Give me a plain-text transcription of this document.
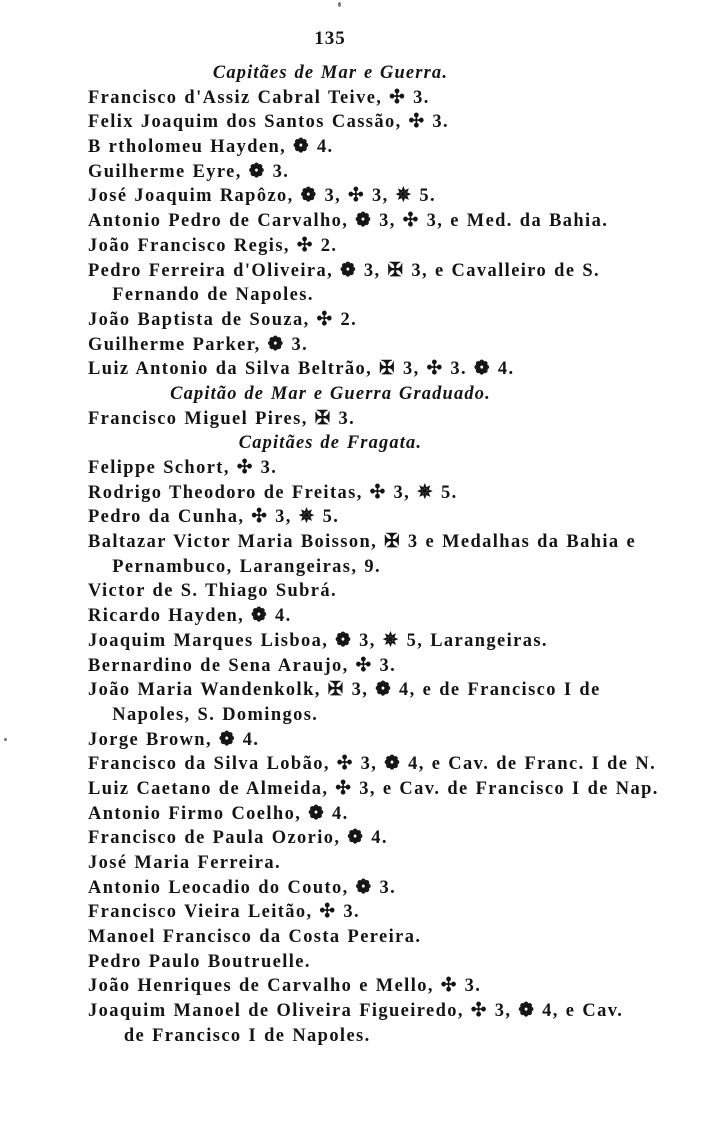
135
Capitães de Mar e Guerra.
Francisco d'Assiz Cabral Teive, ✣ 3.
Felix Joaquim dos Santos Cassão, ✣ 3.
B rtholomeu Hayden, ❁ 4.
Guilherme Eyre, ❁ 3.
José Joaquim Rapôzo, ❁ 3, ✣ 3, ✵ 5.
Antonio Pedro de Carvalho, ❁ 3, ✣ 3, e Med. da Bahia.
João Francisco Regis, ✣ 2.
Pedro Ferreira d'Oliveira, ❁ 3, ✠ 3, e Cavalleiro de S.
Fernando de Napoles.
João Baptista de Souza, ✣ 2.
Guilherme Parker, ❁ 3.
Luiz Antonio da Silva Beltrão, ✠ 3, ✣ 3. ❁ 4.
Capitão de Mar e Guerra Graduado.
Francisco Miguel Pires, ✠ 3.
Capitães de Fragata.
Felippe Schort, ✣ 3.
Rodrigo Theodoro de Freitas, ✣ 3, ✵ 5.
Pedro da Cunha, ✣ 3, ✵ 5.
Baltazar Victor Maria Boisson, ✠ 3 e Medalhas da Bahia e
Pernambuco, Larangeiras, 9.
Victor de S. Thiago Subrá.
Ricardo Hayden, ❁ 4.
Joaquim Marques Lisboa, ❁ 3, ✵ 5, Larangeiras.
Bernardino de Sena Araujo, ✣ 3.
João Maria Wandenkolk, ✠ 3, ❁ 4, e de Francisco I de
Napoles, S. Domingos.
Jorge Brown, ❁ 4.
Francisco da Silva Lobão, ✣ 3, ❁ 4, e Cav. de Franc. I de N.
Luiz Caetano de Almeida, ✣ 3, e Cav. de Francisco I de Nap.
Antonio Firmo Coelho, ❁ 4.
Francisco de Paula Ozorio, ❁ 4.
José Maria Ferreira.
Antonio Leocadio do Couto, ❁ 3.
Francisco Vieira Leitão, ✣ 3.
Manoel Francisco da Costa Pereira.
Pedro Paulo Boutruelle.
João Henriques de Carvalho e Mello, ✣ 3.
Joaquim Manoel de Oliveira Figueiredo, ✣ 3, ❁ 4, e Cav.
de Francisco I de Napoles.
